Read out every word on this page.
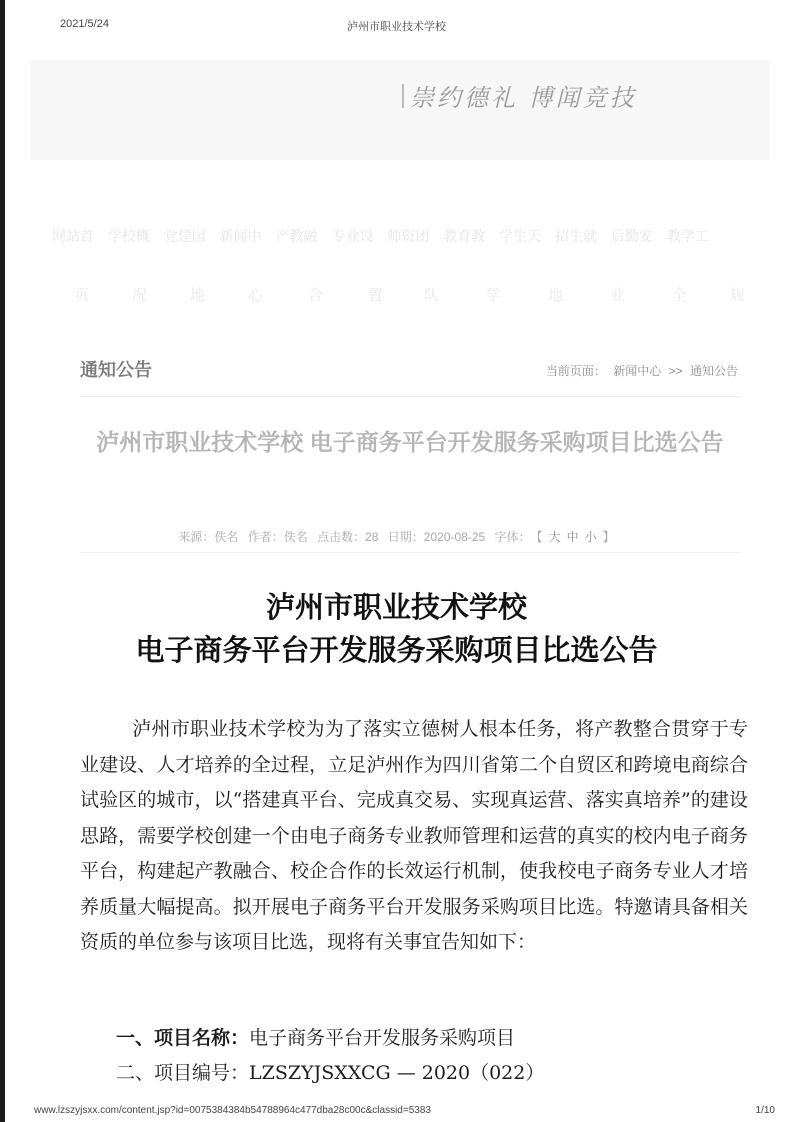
2021/5/24	泸州市职业技术学校
崇约德礼 博闻竞技
网站首 学校概 党建园 新闻中 产教融 专业设 师资团 教育教 学生天 招生就 后勤安 教学工
页	况	地	心	合	置	队	学	地	业	全	规
通知公告	当前页面： 新闻中心 >> 通知公告
泸州市职业技术学校 电子商务平台开发服务采购项目比选公告
来源：佚名 作者：佚名 点击数：28 日期：2020-08-25 字体： 【 大 中 小 】
泸州市职业技术学校
电子商务平台开发服务采购项目比选公告
泸州市职业技术学校为为了落实立德树人根本任务，将产教整合贯穿于专业建设、人才培养的全过程，立足泸州作为四川省第二个自贸区和跨境电商综合试验区的城市，以“搭建真平台、完成真交易、实现真运营、落实真培养”的建设思路，需要学校创建一个由电子商务专业教师管理和运营的真实的校内电子商务平台，构建起产教融合、校企合作的长效运行机制，使我校电子商务专业人才培养质量大幅提高。拟开展电子商务平台开发服务采购项目比选。特邀请具备相关资质的单位参与该项目比选，现将有关事宜告知如下：
一、项目名称：电子商务平台开发服务采购项目
二、项目编号：LZSZYJSXXCG — 2020（022）
www.lzszyjsxx.com/content.jsp?id=0075384384b54788964c477dba28c00c&classid=5383	1/10
